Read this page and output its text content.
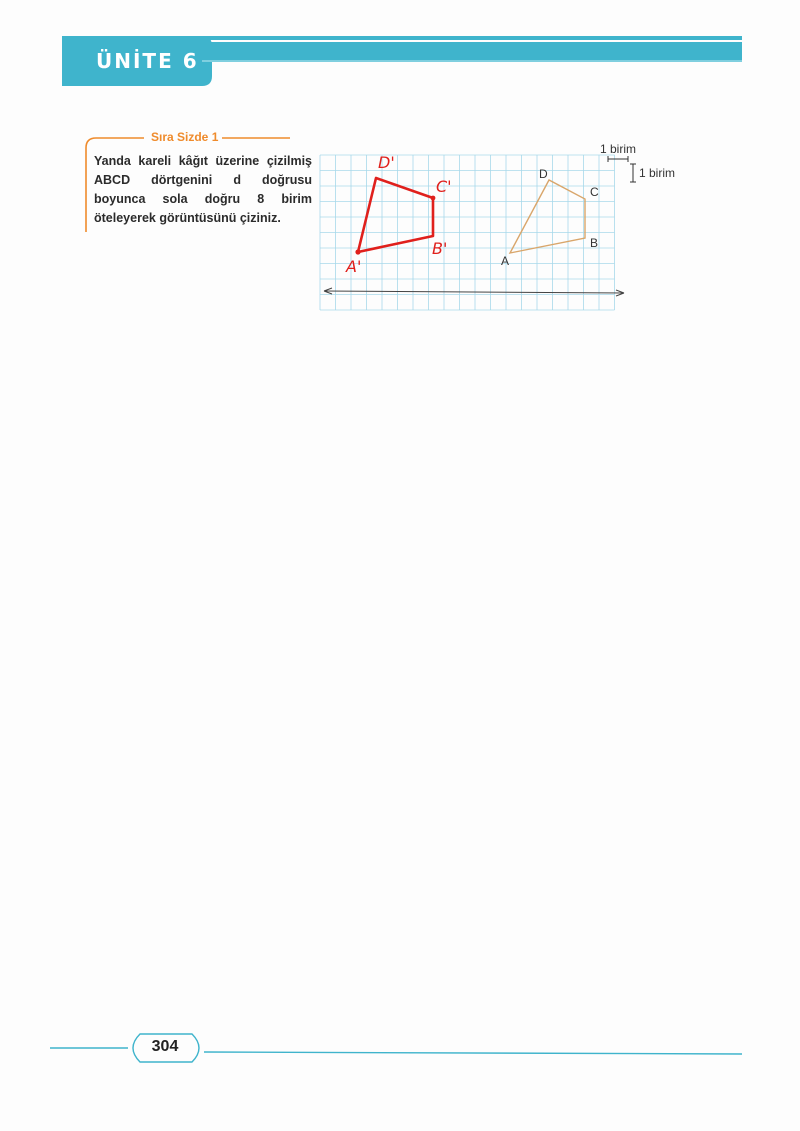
ÜNİTE 6
Sıra Sizde 1

Yanda kareli kâğıt üzerine çizilmiş ABCD dörtgenini d doğrusu boyunca sola doğru 8 birim öteleyerek görüntüsünü çiziniz.

1 birim
1 birim
A
B
C
D
A'
B'
C'
D'
304
